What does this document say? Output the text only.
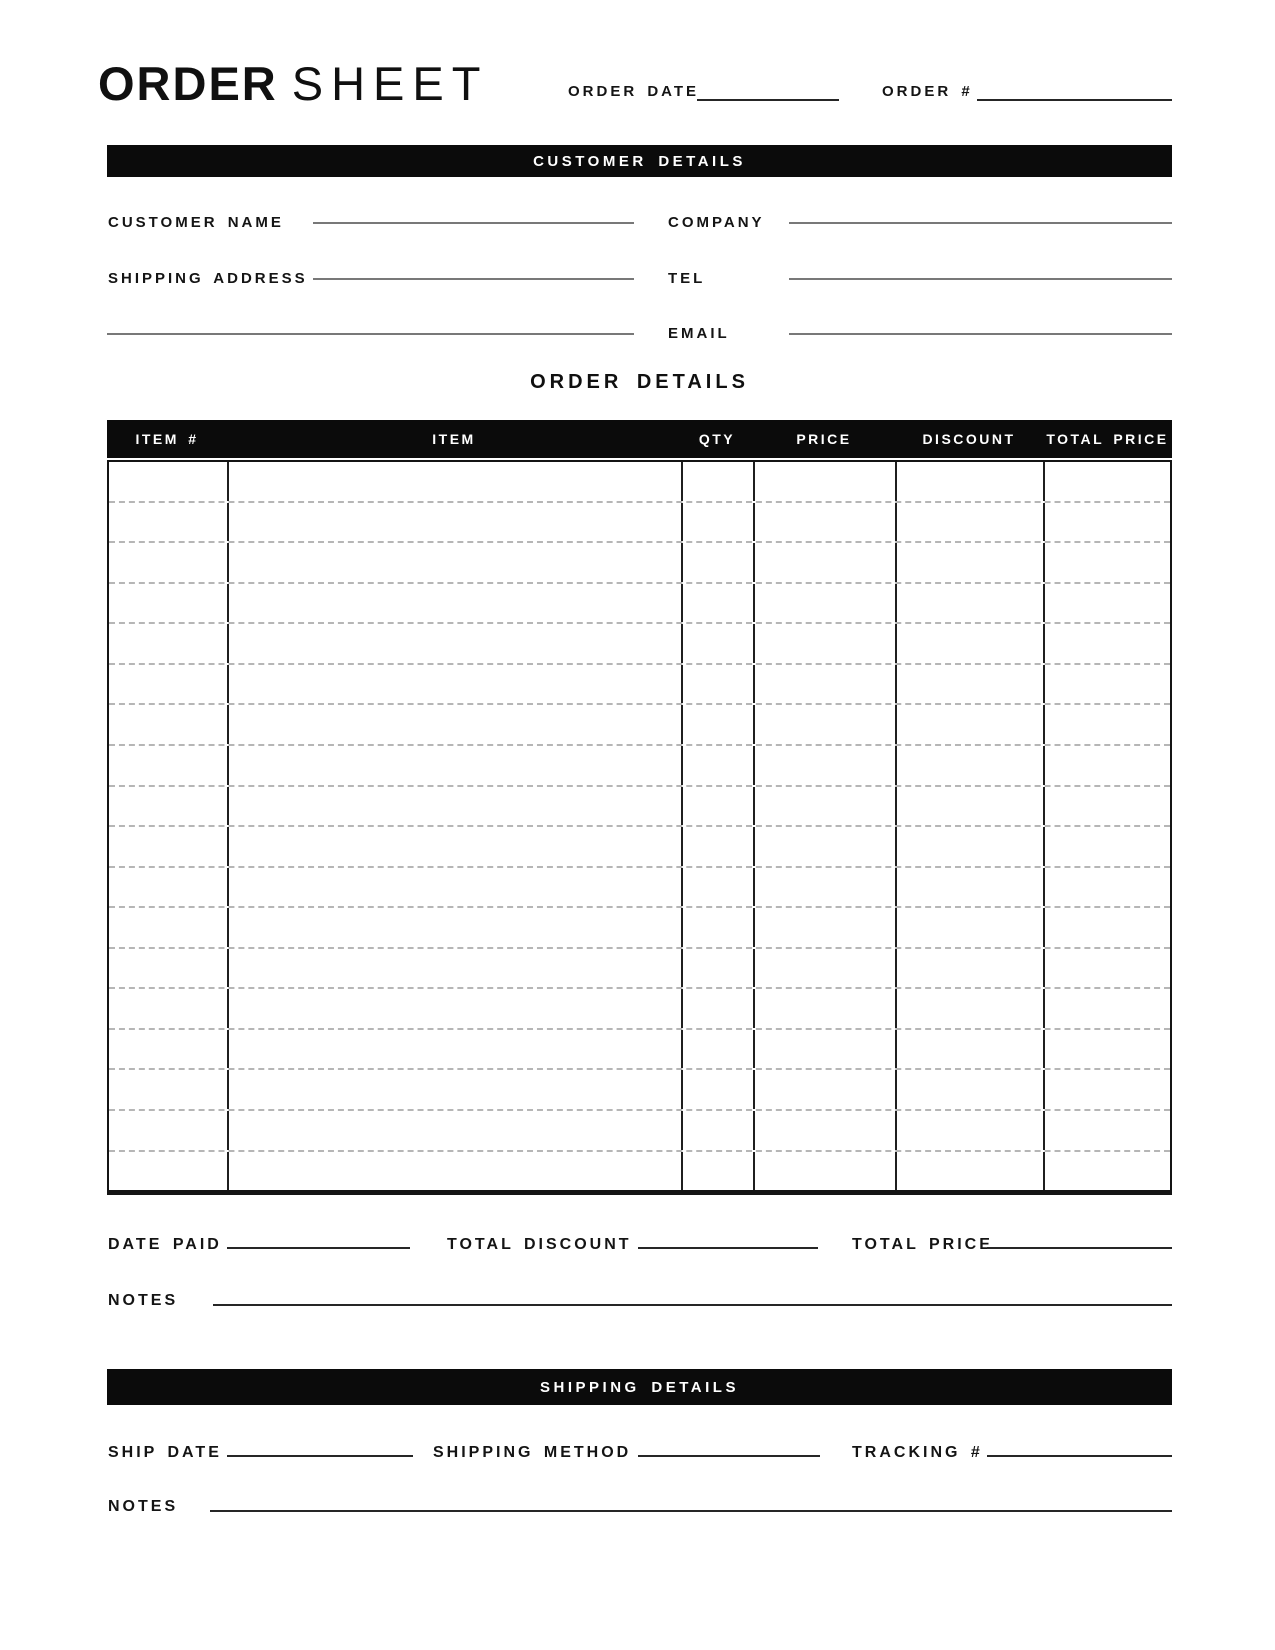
ORDER SHEET	ORDER DATE	ORDER #
CUSTOMER DETAILS
CUSTOMER NAME	COMPANY
SHIPPING ADDRESS	TEL
EMAIL
ORDER DETAILS
ITEM #	ITEM	QTY	PRICE	DISCOUNT	TOTAL PRICE
DATE PAID	TOTAL DISCOUNT	TOTAL PRICE
NOTES
SHIPPING DETAILS
SHIP DATE	SHIPPING METHOD	TRACKING #
NOTES
